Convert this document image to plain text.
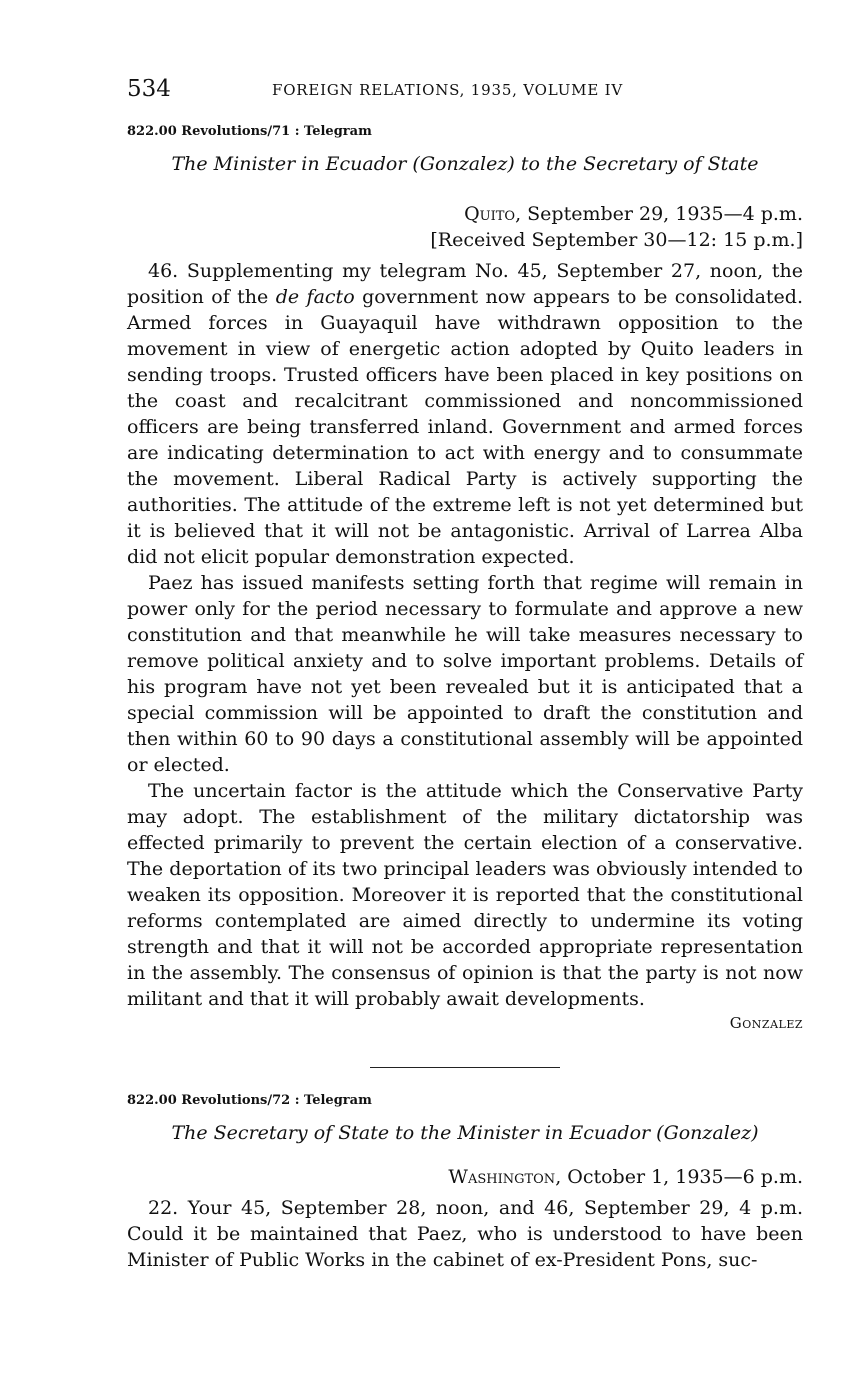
534	FOREIGN RELATIONS, 1935, VOLUME IV
822.00 Revolutions/71 : Telegram
The Minister in Ecuador (Gonzalez) to the Secretary of State
Quito, September 29, 1935—4 p.m.
[Received September 30—12: 15 p.m.]

46. Supplementing my telegram No. 45, September 27, noon, the position of the de facto government now appears to be consolidated. Armed forces in Guayaquil have withdrawn opposition to the movement in view of energetic action adopted by Quito leaders in sending troops. Trusted officers have been placed in key positions on the coast and recalcitrant commissioned and noncommissioned officers are being transferred inland. Government and armed forces are indicating determination to act with energy and to consummate the movement. Liberal Radical Party is actively supporting the authorities. The attitude of the extreme left is not yet determined but it is believed that it will not be antagonistic. Arrival of Larrea Alba did not elicit popular demonstration expected.

Paez has issued manifests setting forth that regime will remain in power only for the period necessary to formulate and approve a new constitution and that meanwhile he will take measures necessary to remove political anxiety and to solve important problems. Details of his program have not yet been revealed but it is anticipated that a special commission will be appointed to draft the constitution and then within 60 to 90 days a constitutional assembly will be appointed or elected.

The uncertain factor is the attitude which the Conservative Party may adopt. The establishment of the military dictatorship was effected primarily to prevent the certain election of a conservative. The deportation of its two principal leaders was obviously intended to weaken its opposition. Moreover it is reported that the constitutional reforms contemplated are aimed directly to undermine its voting strength and that it will not be accorded appropriate representation in the assembly. The consensus of opinion is that the party is not now militant and that it will probably await developments.

Gonzalez
822.00 Revolutions/72 : Telegram
The Secretary of State to the Minister in Ecuador (Gonzalez)
Washington, October 1, 1935—6 p.m.

22. Your 45, September 28, noon, and 46, September 29, 4 p.m. Could it be maintained that Paez, who is understood to have been Minister of Public Works in the cabinet of ex-President Pons, suc-
